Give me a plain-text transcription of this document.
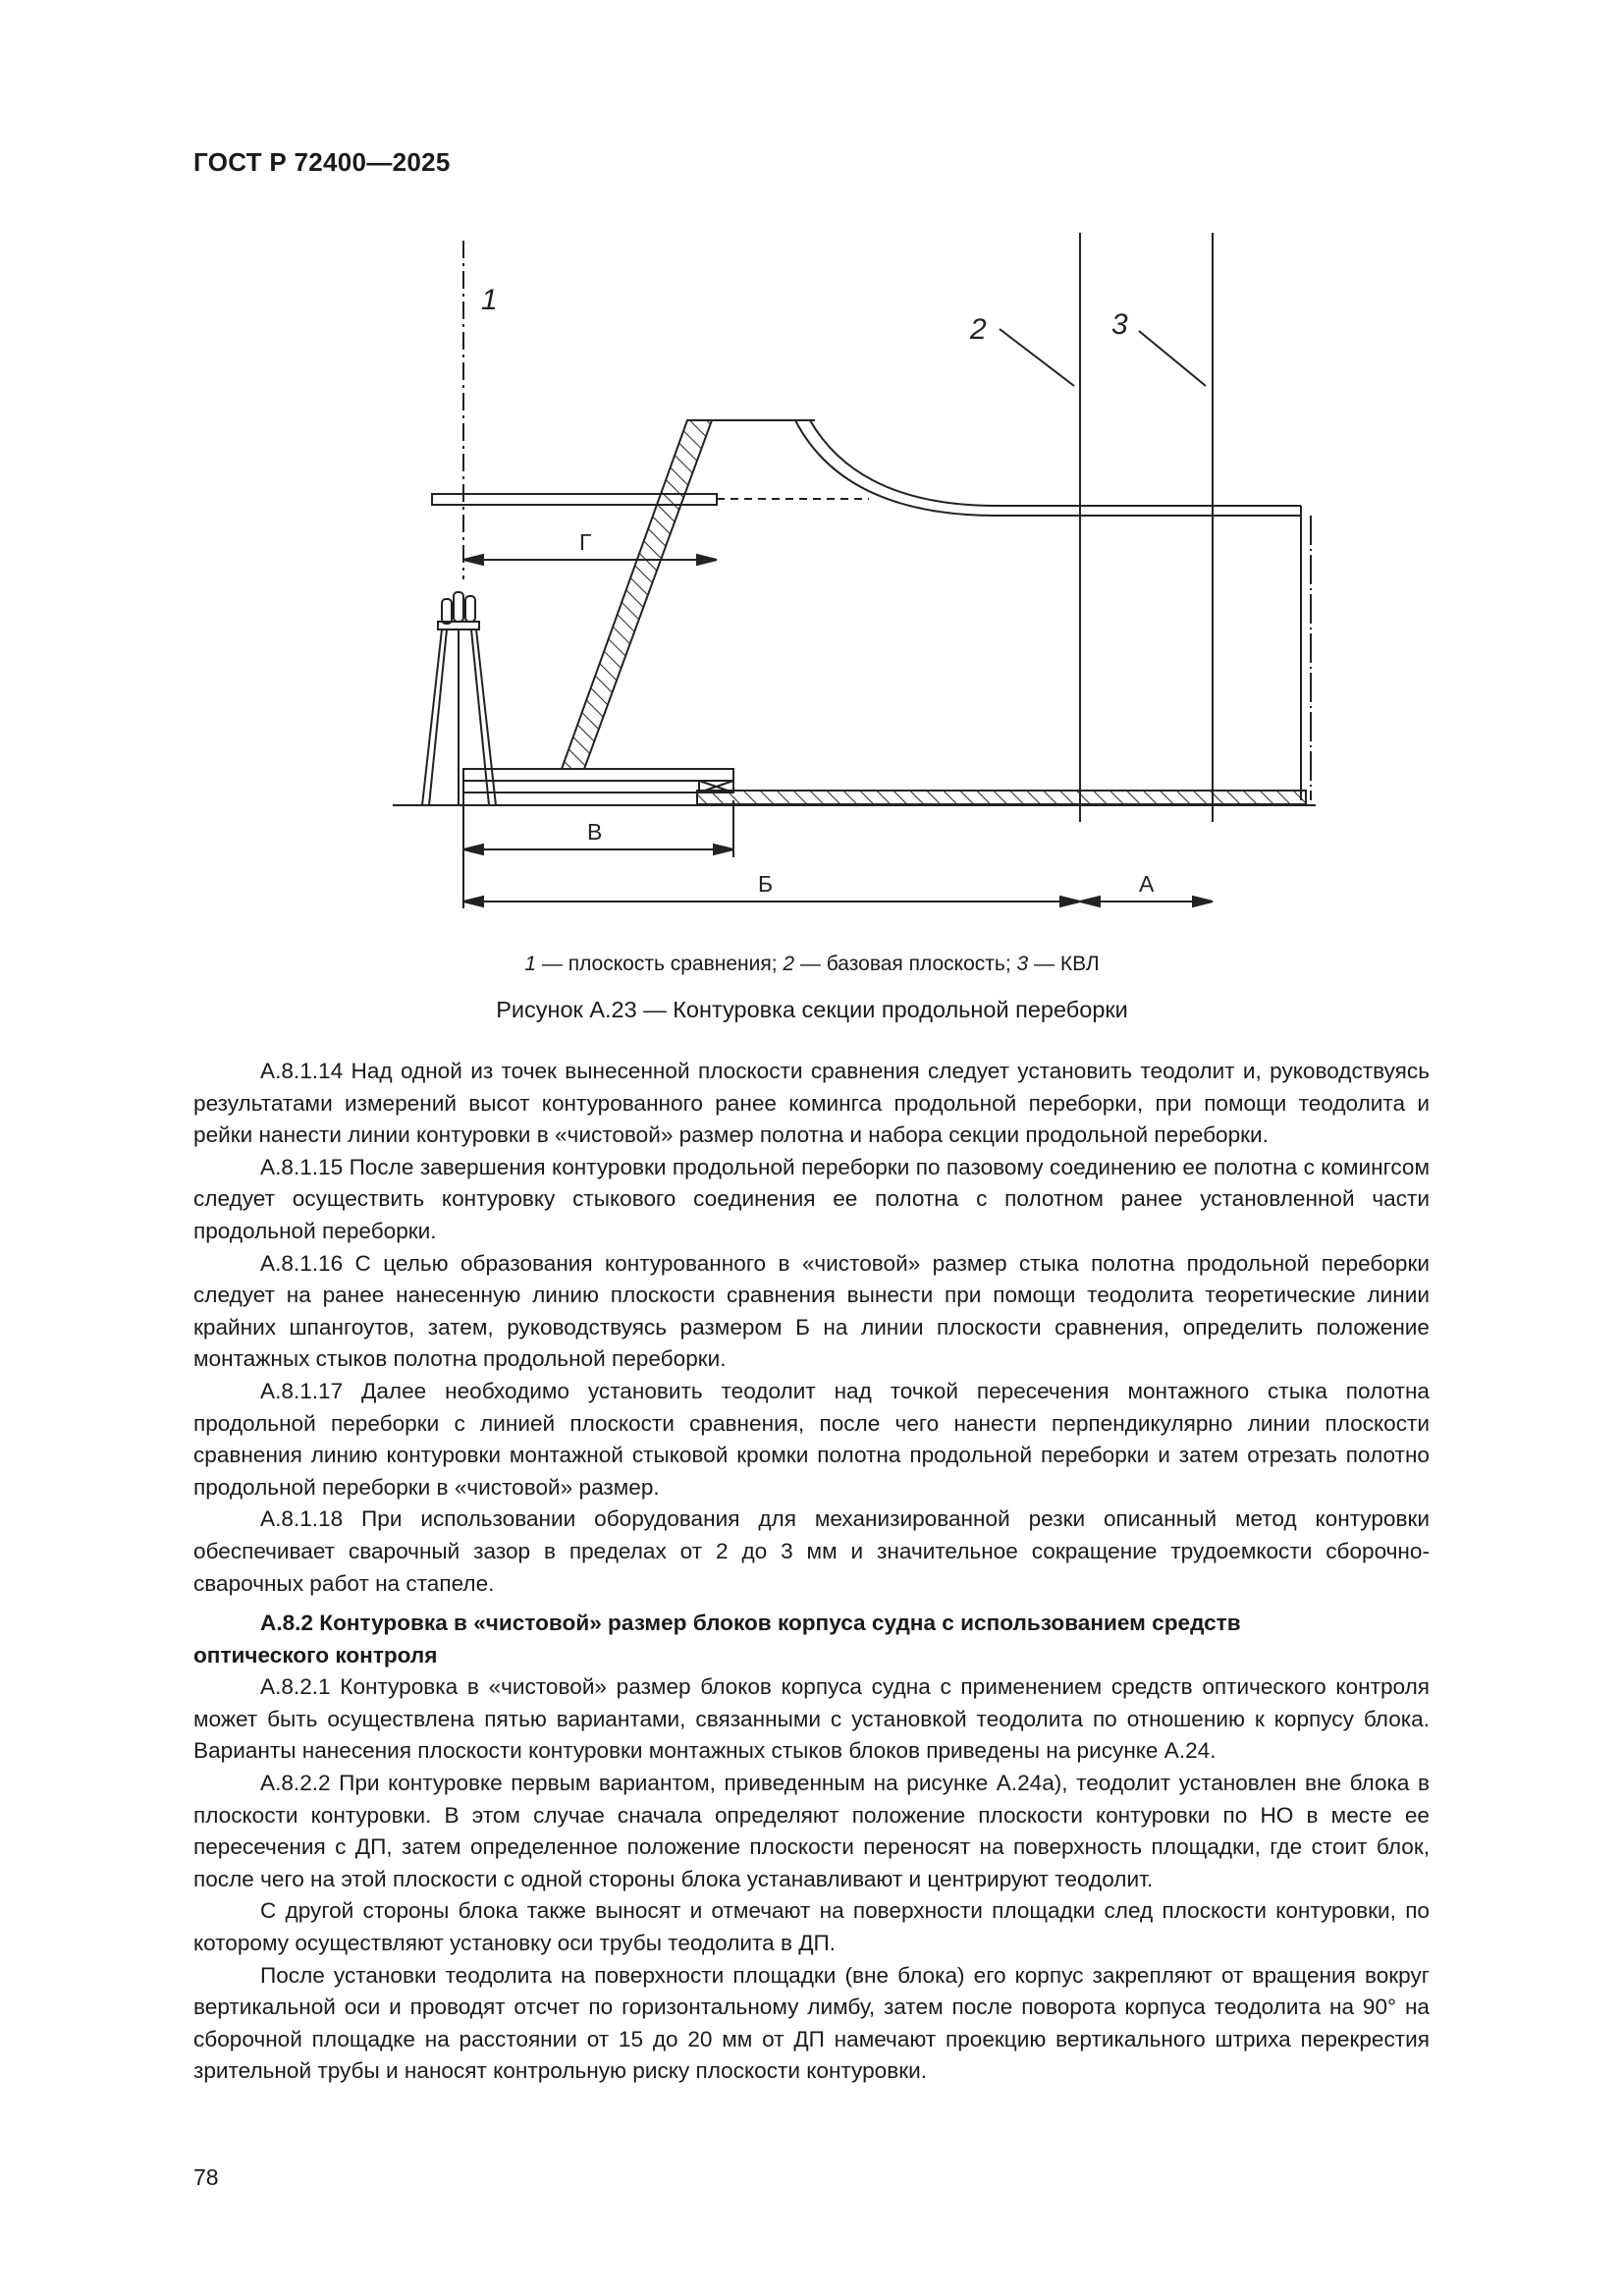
ГОСТ Р 72400—2025
1
2	3
Г
В
Б	А
1 — плоскость сравнения; 2 — базовая плоскость; 3 — КВЛ
Рисунок А.23 — Контуровка секции продольной переборки

А.8.1.14 Над одной из точек вынесенной плоскости сравнения следует установить теодолит и, руководствуясь результатами измерений высот контурованного ранее комингса продольной переборки, при помощи теодолита и рейки нанести линии контуровки в «чистовой» размер полотна и набора секции продольной переборки.

А.8.1.15 После завершения контуровки продольной переборки по пазовому соединению ее полотна с комингсом следует осуществить контуровку стыкового соединения ее полотна с полотном ранее установленной части продольной переборки.

А.8.1.16 С целью образования контурованного в «чистовой» размер стыка полотна продольной переборки следует на ранее нанесенную линию плоскости сравнения вынести при помощи теодолита теоретические линии крайних шпангоутов, затем, руководствуясь размером Б на линии плоскости сравнения, определить положение монтажных стыков полотна продольной переборки.

А.8.1.17 Далее необходимо установить теодолит над точкой пересечения монтажного стыка полотна продольной переборки с линией плоскости сравнения, после чего нанести перпендикулярно линии плоскости сравнения линию контуровки монтажной стыковой кромки полотна продольной переборки и затем отрезать полотно продольной переборки в «чистовой» размер.

А.8.1.18 При использовании оборудования для механизированной резки описанный метод контуровки обеспечивает сварочный зазор в пределах от 2 до 3 мм и значительное сокращение трудоемкости сборочно-сварочных работ на стапеле.

А.8.2 Контуровка в «чистовой» размер блоков корпуса судна с использованием средств
оптического контроля

А.8.2.1 Контуровка в «чистовой» размер блоков корпуса судна с применением средств оптического контроля может быть осуществлена пятью вариантами, связанными с установкой теодолита по отношению к корпусу блока. Варианты нанесения плоскости контуровки монтажных стыков блоков приведены на рисунке А.24.

А.8.2.2 При контуровке первым вариантом, приведенным на рисунке А.24а), теодолит установлен вне блока в плоскости контуровки. В этом случае сначала определяют положение плоскости контуровки по НО в месте ее пересечения с ДП, затем определенное положение плоскости переносят на поверхность площадки, где стоит блок, после чего на этой плоскости с одной стороны блока устанавливают и центрируют теодолит.

С другой стороны блока также выносят и отмечают на поверхности площадки след плоскости контуровки, по которому осуществляют установку оси трубы теодолита в ДП.

После установки теодолита на поверхности площадки (вне блока) его корпус закрепляют от вращения вокруг вертикальной оси и проводят отсчет по горизонтальному лимбу, затем после поворота корпуса теодолита на 90° на сборочной площадке на расстоянии от 15 до 20 мм от ДП намечают проекцию вертикального штриха перекрестия зрительной трубы и наносят контрольную риску плоскости контуровки.

78
